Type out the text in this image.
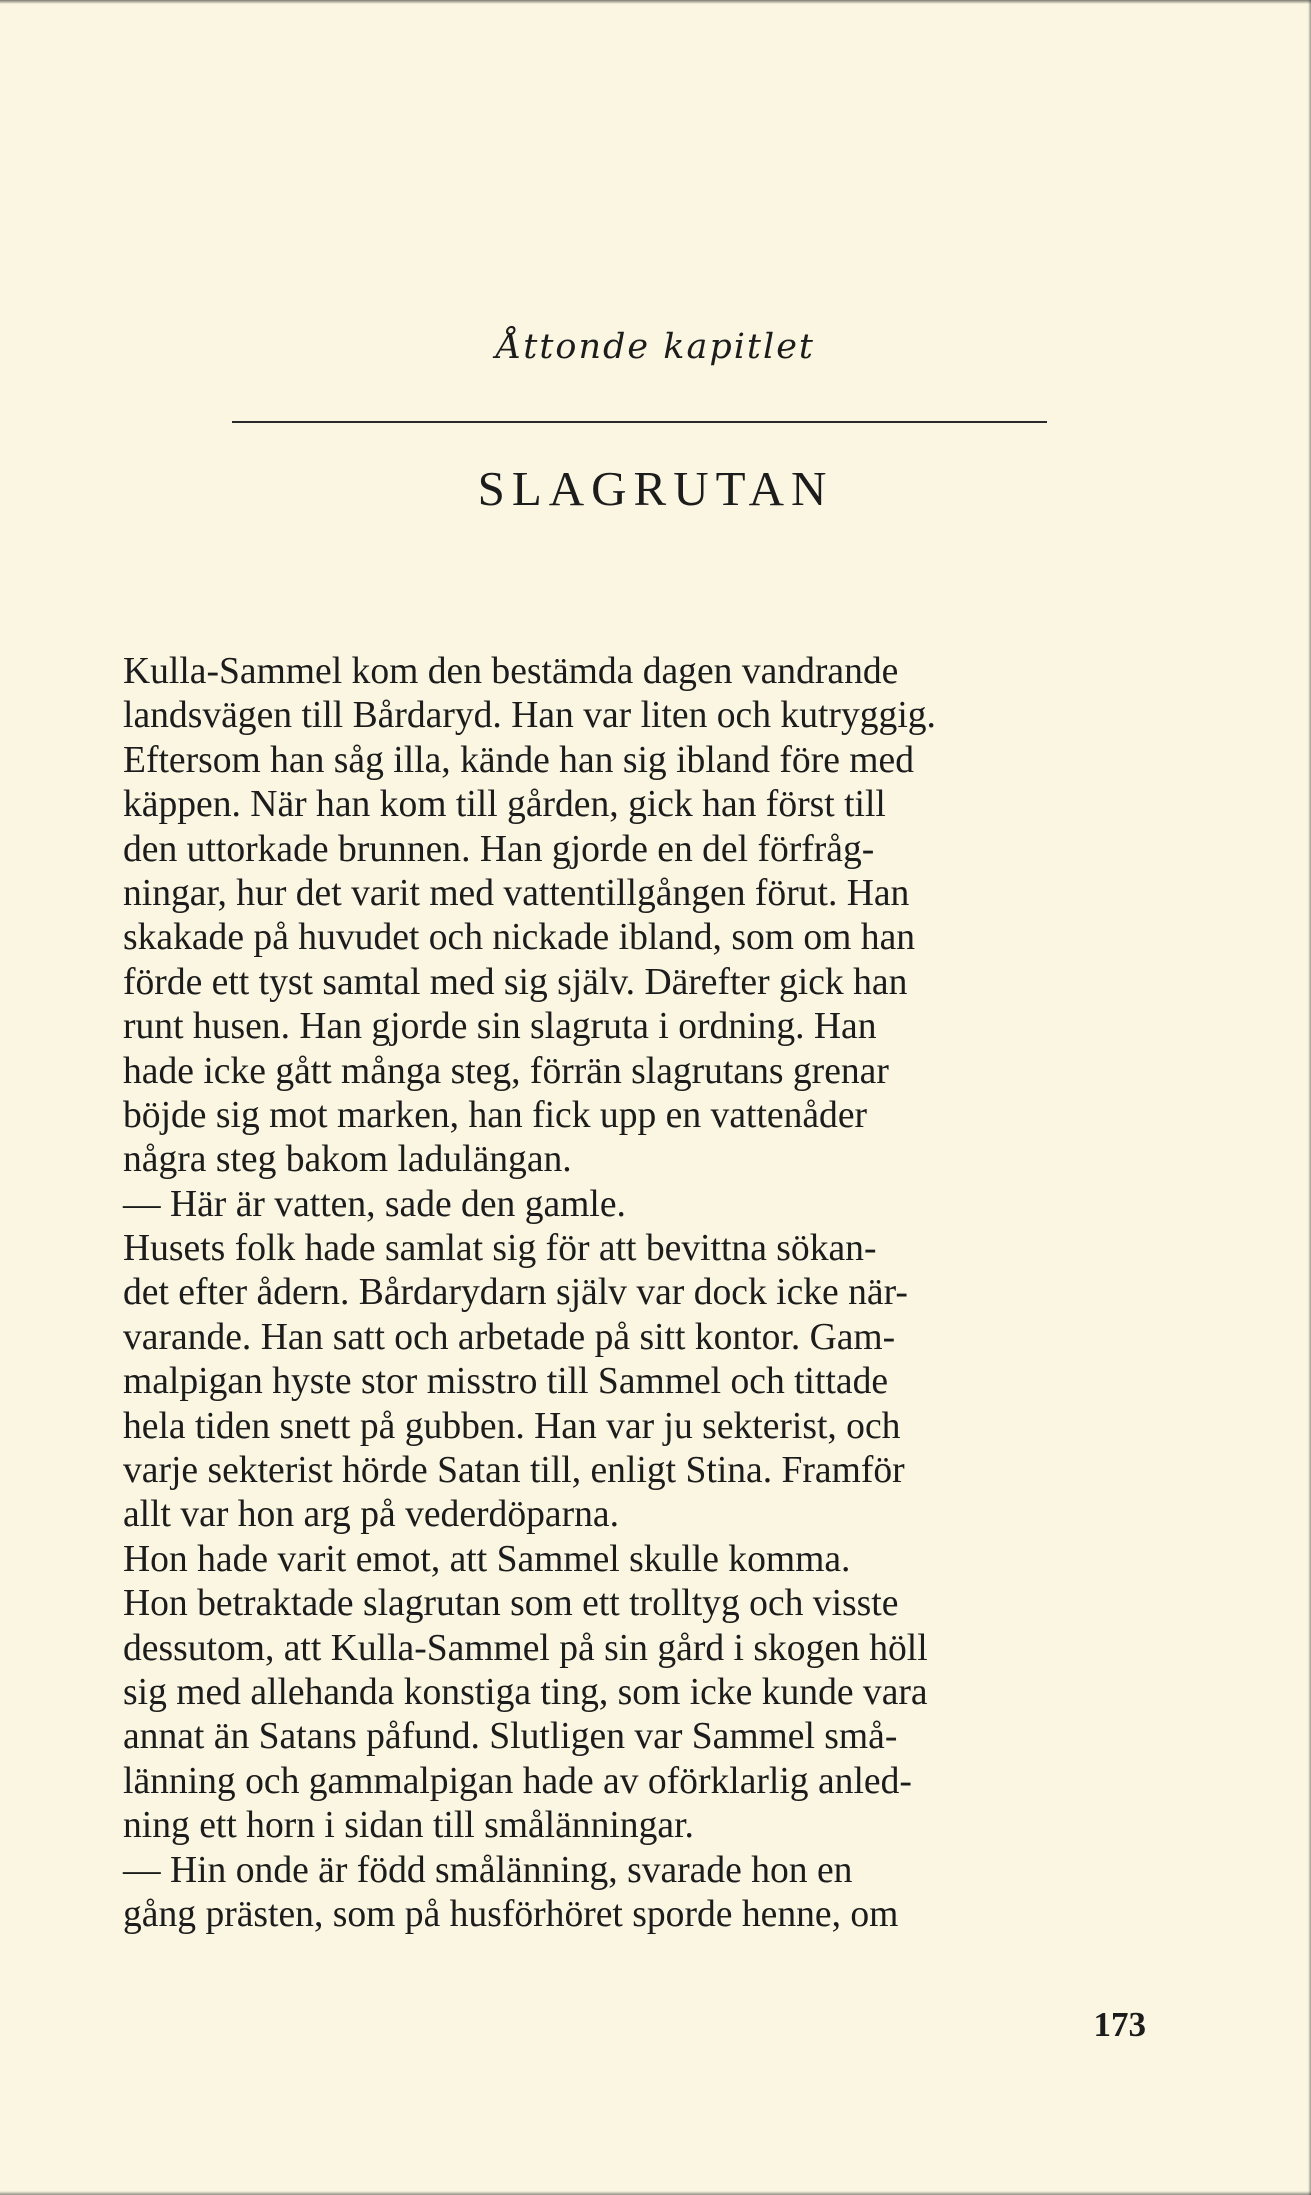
Åttonde kapitlet
SLAGRUTAN
Kulla-Sammel kom den bestämda dagen vandrande
landsvägen till Bårdaryd. Han var liten och kutryggig.
Eftersom han såg illa, kände han sig ibland före med
käppen. När han kom till gården, gick han först till
den uttorkade brunnen. Han gjorde en del förfråg-
ningar, hur det varit med vattentillgången förut. Han
skakade på huvudet och nickade ibland, som om han
förde ett tyst samtal med sig själv. Därefter gick han
runt husen. Han gjorde sin slagruta i ordning. Han
hade icke gått många steg, förrän slagrutans grenar
böjde sig mot marken, han fick upp en vattenåder
några steg bakom ladulängan.
— Här är vatten, sade den gamle.
Husets folk hade samlat sig för att bevittna sökan-
det efter ådern. Bårdarydarn själv var dock icke när-
varande. Han satt och arbetade på sitt kontor. Gam-
malpigan hyste stor misstro till Sammel och tittade
hela tiden snett på gubben. Han var ju sekterist, och
varje sekterist hörde Satan till, enligt Stina. Framför
allt var hon arg på vederdöparna.
Hon hade varit emot, att Sammel skulle komma.
Hon betraktade slagrutan som ett trolltyg och visste
dessutom, att Kulla-Sammel på sin gård i skogen höll
sig med allehanda konstiga ting, som icke kunde vara
annat än Satans påfund. Slutligen var Sammel små-
länning och gammalpigan hade av oförklarlig anled-
ning ett horn i sidan till smålänningar.
— Hin onde är född smålänning, svarade hon en
gång prästen, som på husförhöret sporde henne, om
173
